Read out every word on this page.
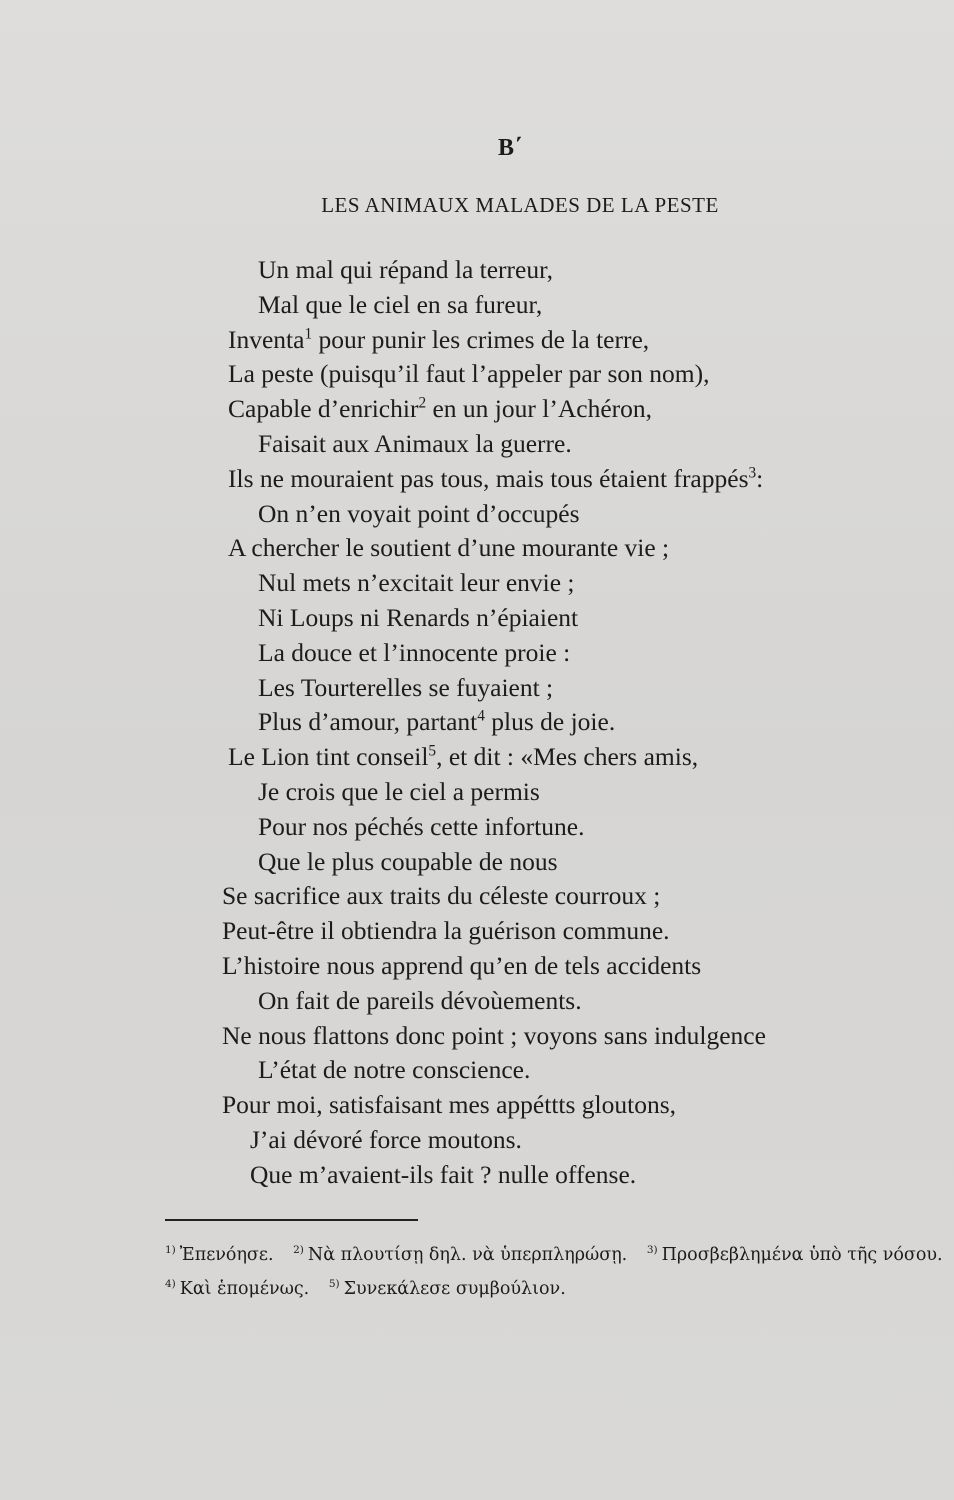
Β΄
LES ANIMAUX MALADES DE LA PESTE
Un mal qui répand la terreur,
Mal que le ciel en sa fureur,
Inventa$^1$ pour punir les crimes de la terre,
La peste (puisqu’il faut l’appeler par son nom),
Capable d’enrichir$^2$ en un jour l’Achéron,
Faisait aux Animaux la guerre.
Ils ne mouraient pas tous, mais tous étaient frappés$^3$:
On n’en voyait point d’occupés
A chercher le soutient d’une mourante vie ;
Nul mets n’excitait leur envie ;
Ni Loups ni Renards n’épiaient
La douce et l’innocente proie :
Les Tourterelles se fuyaient ;
Plus d’amour, partant$^4$ plus de joie.
Le Lion tint conseil$^5$, et dit : «Mes chers amis,
Je crois que le ciel a permis
Pour nos péchés cette infortune.
Que le plus coupable de nous
Se sacrifice aux traits du céleste courroux ;
Peut-être il obtiendra la guérison commune.
L’histoire nous apprend qu’en de tels accidents
On fait de pareils dévoùements.
Ne nous flattons donc point ; voyons sans indulgence
L’état de notre conscience.
Pour moi, satisfaisant mes appéttts gloutons,
J’ai dévoré force moutons.
Que m’avaient-ils fait ? nulle offense.
$^{1)}$ Ἐπενόησε. $^{2)}$ Νὰ πλουτίσῃ δηλ. νὰ ὑπερπληρώσῃ. $^{3)}$ Προσβεβλημένα ὑπὸ τῆς νόσου.
$^{4)}$ Καὶ ἑπομένως. $^{5)}$ Συνεκάλεσε συμβούλιον.
